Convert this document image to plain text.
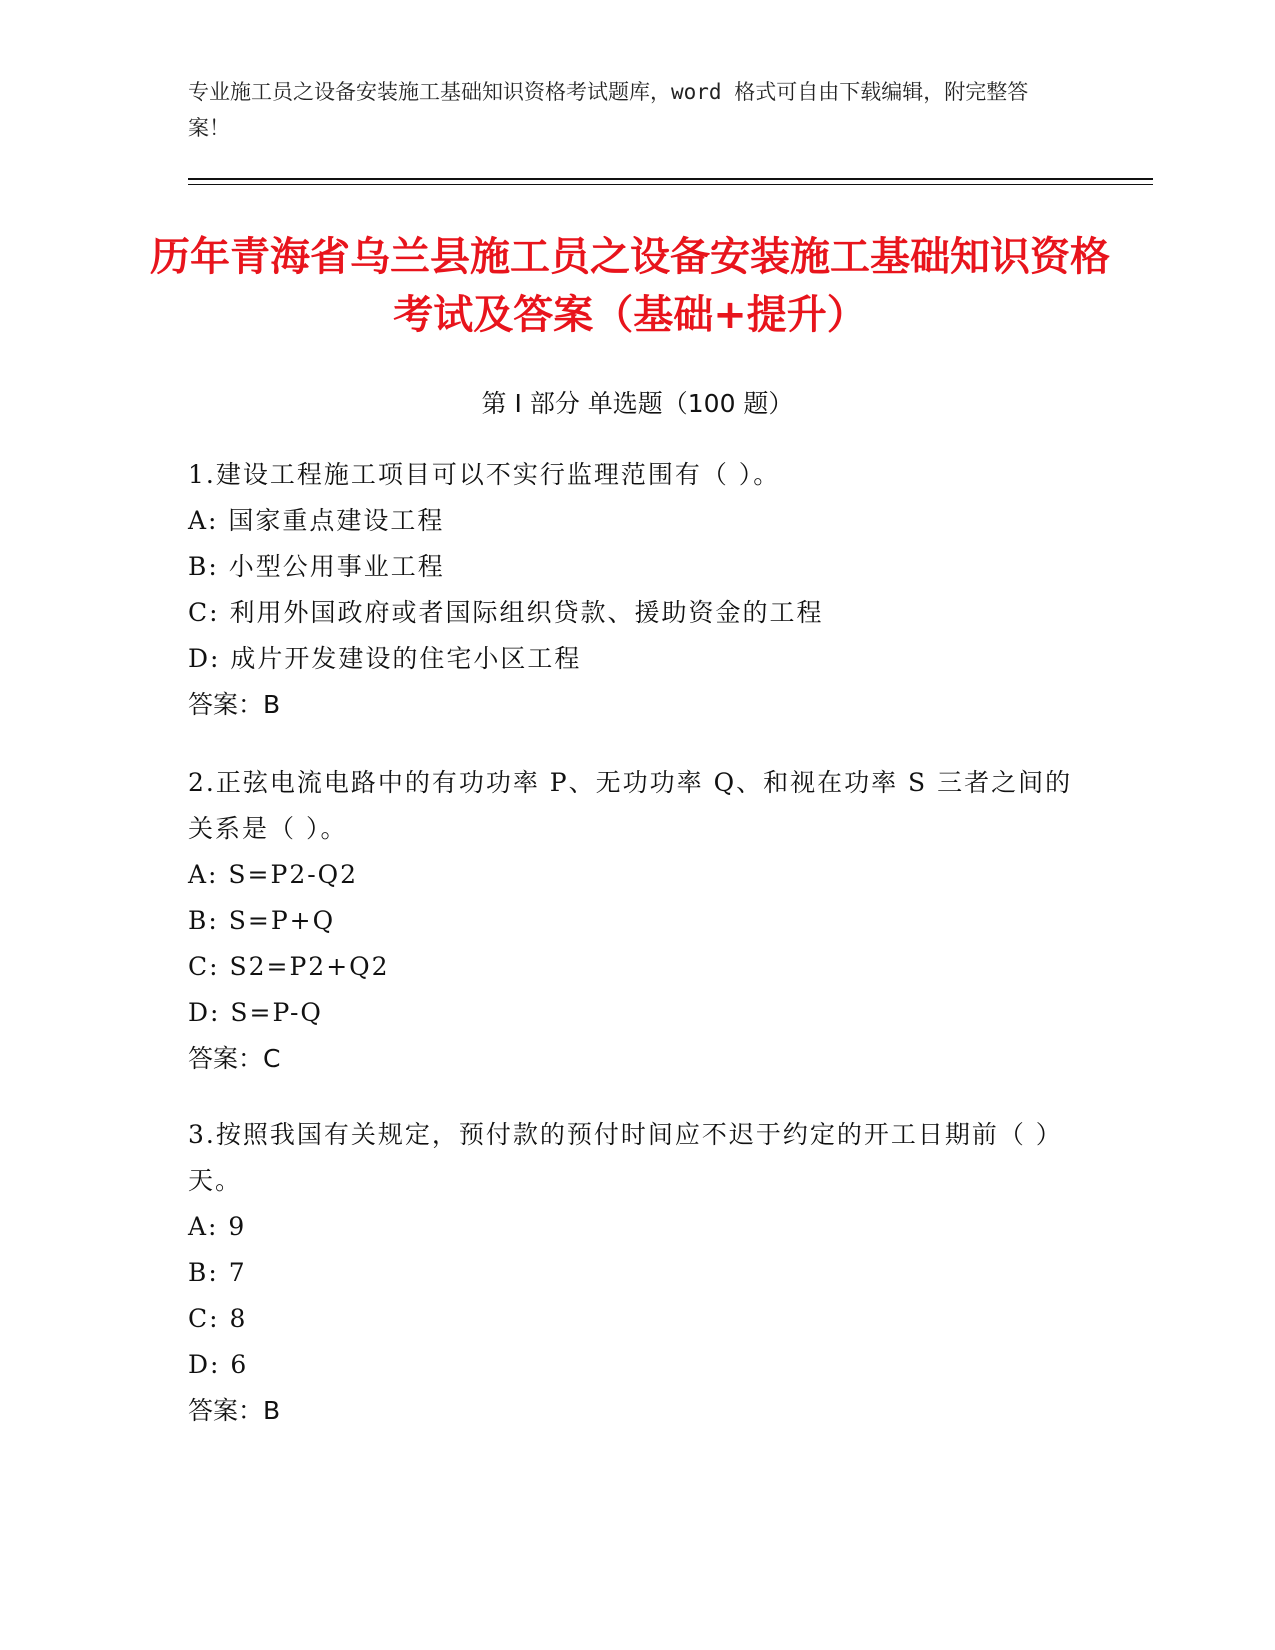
专业施工员之设备安装施工基础知识资格考试题库，word 格式可自由下载编辑，附完整答案！
历年青海省乌兰县施工员之设备安装施工基础知识资格考试及答案（基础+提升）
第 I 部分 单选题（100 题）

1.建设工程施工项目可以不实行监理范围有（ ）。

A: 国家重点建设工程

B: 小型公用事业工程

C: 利用外国政府或者国际组织贷款、援助资金的工程

D: 成片开发建设的住宅小区工程

答案：B

2.正弦电流电路中的有功功率 P、无功功率 Q、和视在功率 S 三者之间的关系是（ ）。

A: S=P2-Q2

B: S=P+Q

C: S2=P2+Q2

D: S=P-Q

答案：C

3.按照我国有关规定，预付款的预付时间应不迟于约定的开工日期前（ ）天。

A: 9

B: 7

C: 8

D: 6

答案：B
